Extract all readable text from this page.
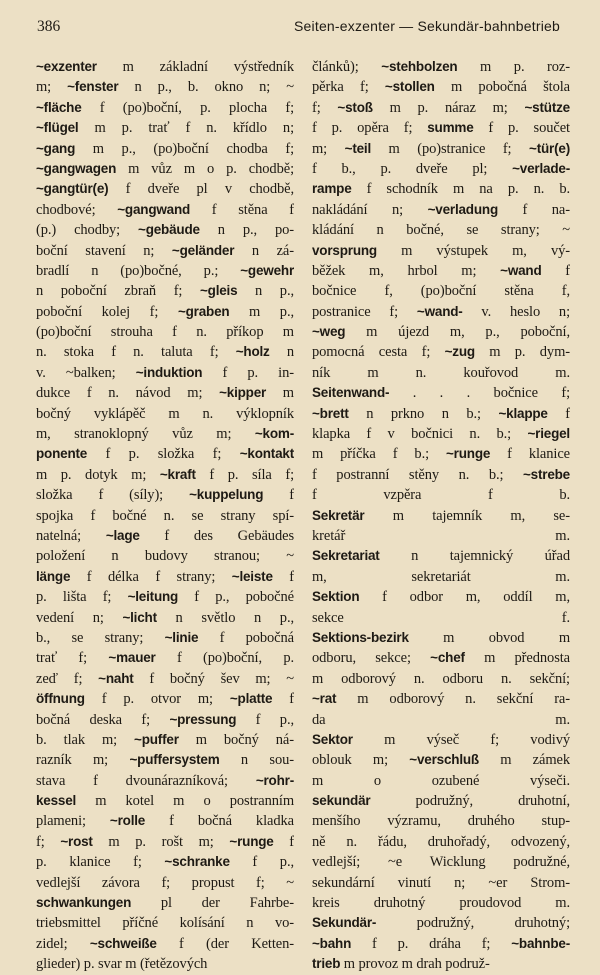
386	Seiten-exzenter — Sekundär-bahnbetrieb
~exzenter m základní výstředník
m; ~fenster n p., b. okno n; ~
~fläche f (po)boční, p. plocha f;
~flügel m p. trať f n. křídlo n;
~gang m p., (po)boční chodba f;
~gangwagen m vůz m o p. chodbě;
~gangtür(e) f dveře pl v chodbě,
chodbové; ~gangwand f stěna f
(p.) chodby; ~gebäude n p., po-
boční stavení n; ~geländer n zá-
bradlí n (po)bočné, p.; ~gewehr
n poboční zbraň f; ~gleis n p.,
poboční kolej f; ~graben m p.,
(po)boční strouha f n. příkop m
n. stoka f n. taluta f; ~holz n
v. ~balken; ~induktion f p. in-
dukce f n. návod m; ~kipper m
bočný vyklápěč m n. výklopník
m, stranoklopný vůz m; ~kom-
ponente f p. složka f; ~kontakt
m p. dotyk m; ~kraft f p. síla f;
složka f (síly); ~kuppelung f
spojka f bočné n. se strany spí-
natelná; ~lage f des Gebäudes
položení n budovy stranou; ~
länge f délka f strany; ~leiste f
p. lišta f; ~leitung f p., pobočné
vedení n; ~licht n světlo n p.,
b., se strany; ~linie f pobočná
trať f; ~mauer f (po)boční, p.
zeď f; ~naht f bočný šev m; ~
öffnung f p. otvor m; ~platte f
bočná deska f; ~pressung f p.,
b. tlak m; ~puffer m bočný ná-
razník m; ~puffersystem n sou-
stava f dvounárazníková; ~rohr-
kessel m kotel m o postranním
plameni; ~rolle f bočná kladka
f; ~rost m p. rošt m; ~runge f
p. klanice f; ~schranke f p.,
vedlejší závora f; propust f; ~
schwankungen pl der Fahrbe-
triebsmittel příčné kolísání n vo-
zidel; ~schweiße f (der Ketten-
glieder) p. svar m (řetězových
článků); ~stehbolzen m p. roz-
pěrka f; ~stollen m pobočná štola
f; ~stoß m p. náraz m; ~stütze
f p. opěra f; summe f p. součet
m; ~teil m (po)stranice f; ~tür(e)
f b., p. dveře pl; ~verlade-
rampe f schodník m na p. n. b.
nakládání n; ~verladung f na-
kládání n bočné, se strany; ~
vorsprung m výstupek m, vý-
běžek m, hrbol m; ~wand f
bočnice f, (po)boční stěna f,
postranice f; ~wand- v. heslo n;
~weg m újezd m, p., poboční,
pomocná cesta f; ~zug m p. dym-
ník m n. kouřovod m.
Seitenwand- . . . bočnice f;
~brett n prkno n b.; ~klappe f
klapka f v bočnici n. b.; ~riegel
m příčka f b.; ~runge f klanice
f postranní stěny n. b.; ~strebe
f vzpěra f b.
Sekretär m tajemník m, se-
kretář m.
Sekretariat n tajemnický úřad
m, sekretariát m.
Sektion f odbor m, oddíl m,
sekce f.
Sektions-bezirk m obvod m
odboru, sekce; ~chef m přednosta
m odborový n. odboru n. sekční;
~rat m odborový n. sekční ra-
da m.
Sektor m výseč f; vodivý
oblouk m; ~verschluß m zámek
m o ozubené výseči.
sekundär podružný, druhotní,
menšího výzramu, druhého stup-
ně n. řádu, druhořadý, odvozený,
vedlejší; ~e Wicklung podružné,
sekundární vinutí n; ~er Strom-
kreis druhotný proudovod m.
Sekundär- podružný, druhotný;
~bahn f p. dráha f; ~bahnbe-
trieb m provoz m drah podruž-
